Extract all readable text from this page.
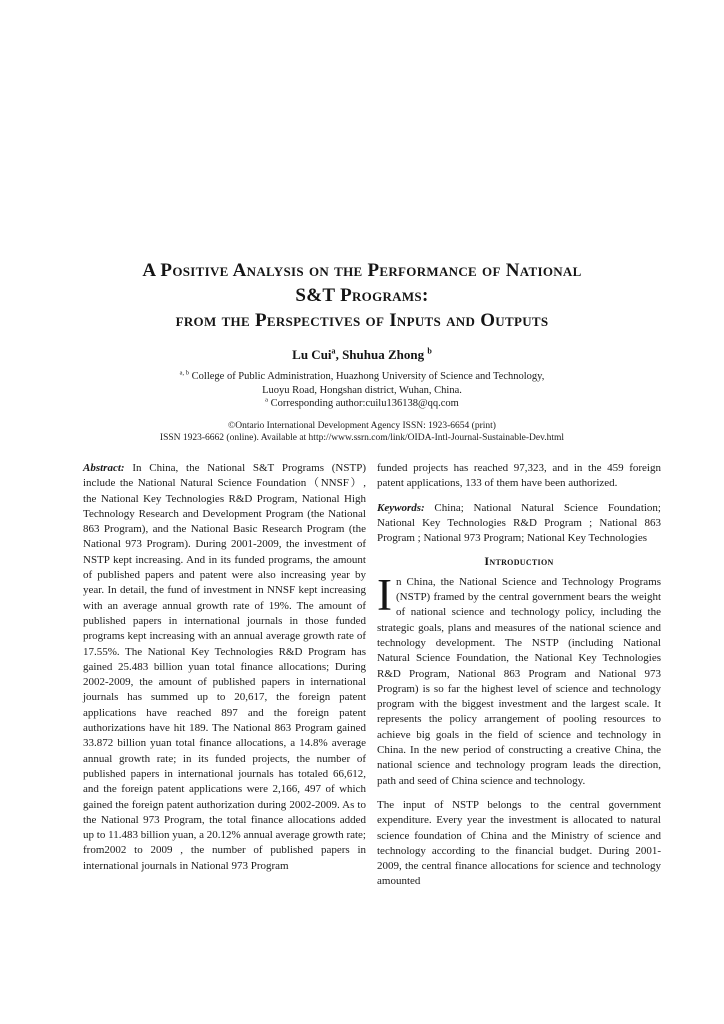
A Positive Analysis on the Performance of National
S&T Programs:
from the Perspectives of Inputs and Outputs
Lu Cui$^a$, Shuhua Zhong $^b$
$^{a, b}$ College of Public Administration, Huazhong University of Science and Technology,
Luoyu Road, Hongshan district, Wuhan, China.
$^a$ Corresponding author:cuilu136138@qq.com
©Ontario International Development Agency ISSN: 1923-6654 (print)
ISSN 1923-6662 (online). Available at http://www.ssrn.com/link/OIDA-Intl-Journal-Sustainable-Dev.html

Abstract: In China, the National S&T Programs (NSTP) include the National Natural Science Foundation（NNSF）, the National Key Technologies R&D Program, National High Technology Research and Development Program (the National 863 Program), and the National Basic Research Program (the National 973 Program). During 2001-2009, the investment of NSTP kept increasing. And in its funded programs, the amount of published papers and patent were also increasing year by year. In detail, the fund of investment in NNSF kept increasing with an average annual growth rate of 19%. The amount of published papers in international journals in those funded programs kept increasing with an annual average growth rate of 17.55%. The National Key Technologies R&D Program has gained 25.483 billion yuan total finance allocations; During 2002-2009, the amount of published papers in international journals has summed up to 20,617, the foreign patent applications have reached 897 and the foreign patent authorizations have hit 189. The National 863 Program gained 33.872 billion yuan total finance allocations, a 14.8% average annual growth rate; in its funded projects, the number of published papers in international journals has totaled 66,612, and the foreign patent applications were 2,166, 497 of which gained the foreign patent authorization during 2002-2009. As to the National 973 Program, the total finance allocations added up to 11.483 billion yuan, a 20.12% annual average growth rate; from2002 to 2009 , the number of published papers in international journals in National 973 Program

funded projects has reached 97,323, and in the 459 foreign patent applications, 133 of them have been authorized.

Keywords: China; National Natural Science Foundation; National Key Technologies R&D Program ; National 863 Program ; National 973 Program; National Key Technologies

Introduction

In China, the National Science and Technology Programs (NSTP) framed by the central government bears the weight of national science and technology policy, including the strategic goals, plans and measures of the national science and technology development. The NSTP (including National Natural Science Foundation, the National Key Technologies R&D Program, National 863 Program and National 973 Program) is so far the highest level of science and technology program with the biggest investment and the largest scale. It represents the policy arrangement of pooling resources to achieve big goals in the field of science and technology in China. In the new period of constructing a creative China, the national science and technology program leads the direction, path and seed of China science and technology.

The input of NSTP belongs to the central government expenditure. Every year the investment is allocated to natural science foundation of China and the Ministry of science and technology according to the financial budget. During 2001-2009, the central finance allocations for science and technology amounted
